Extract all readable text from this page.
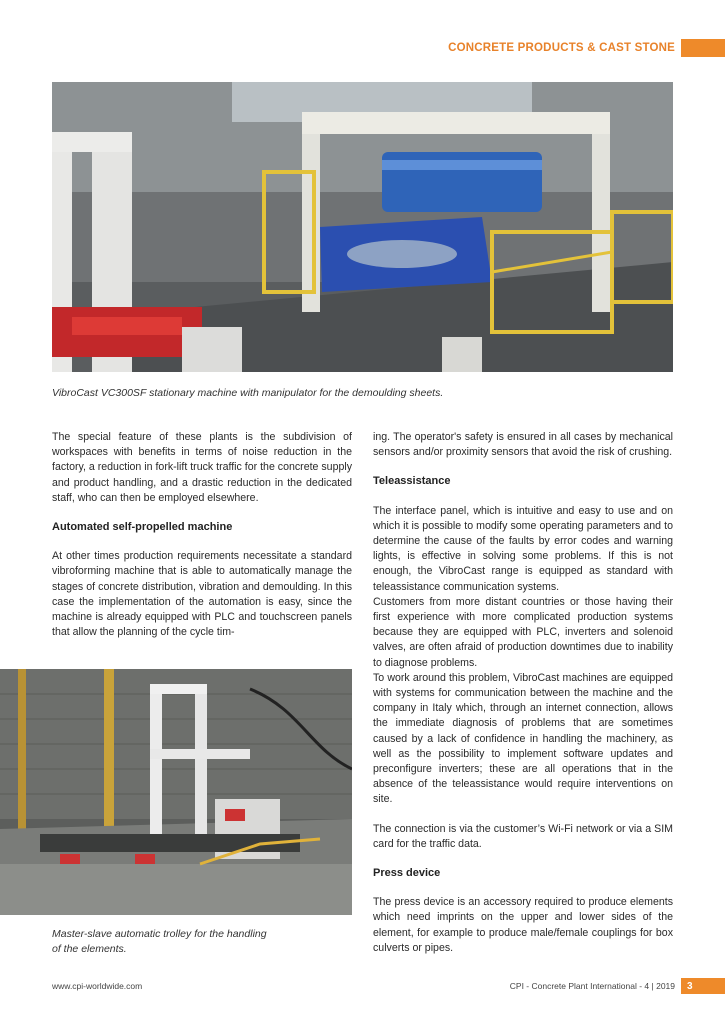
CONCRETE PRODUCTS & CAST STONE
VibroCast VC300SF stationary machine with manipulator for the demoulding sheets.

The special feature of these plants is the subdivision of workspaces with benefits in terms of noise reduction in the factory, a reduction in fork-lift truck traffic for the concrete supply and product handling, and a drastic reduction in the dedicated staff, who can then be employed elsewhere.

Automated self-propelled machine

At other times production requirements necessitate a standard vibroforming machine that is able to automatically manage the stages of concrete distribution, vibration and demoulding. In this case the implementation of the automation is easy, since the machine is already equipped with PLC and touchscreen panels that allow the planning of the cycle tim-

Master-slave automatic trolley for the handling
of the elements.

ing. The operator's safety is ensured in all cases by mechanical sensors and/or proximity sensors that avoid the risk of crushing.

Teleassistance

The interface panel, which is intuitive and easy to use and on which it is possible to modify some operating parameters and to determine the cause of the faults by error codes and warning lights, is effective in solving some problems. If this is not enough, the VibroCast range is equipped as standard with teleassistance communication systems.

Customers from more distant countries or those having their first experience with more complicated production systems because they are equipped with PLC, inverters and solenoid valves, are often afraid of production downtimes due to inability to diagnose problems.

To work around this problem, VibroCast machines are equipped with systems for communication between the machine and the company in Italy which, through an internet connection, allows the immediate diagnosis of problems that are sometimes caused by a lack of confidence in handling the machinery, as well as the possibility to implement software updates and preconfigure inverters; these are all operations that in the absence of the teleassistance would require interventions on site.

The connection is via the customer’s Wi-Fi network or via a SIM card for the traffic data.

Press device

The press device is an accessory required to produce elements which need imprints on the upper and lower sides of the element, for example to produce male/female couplings for box culverts or pipes.

www.cpi-worldwide.com	CPI - Concrete Plant International - 4 | 2019	3
